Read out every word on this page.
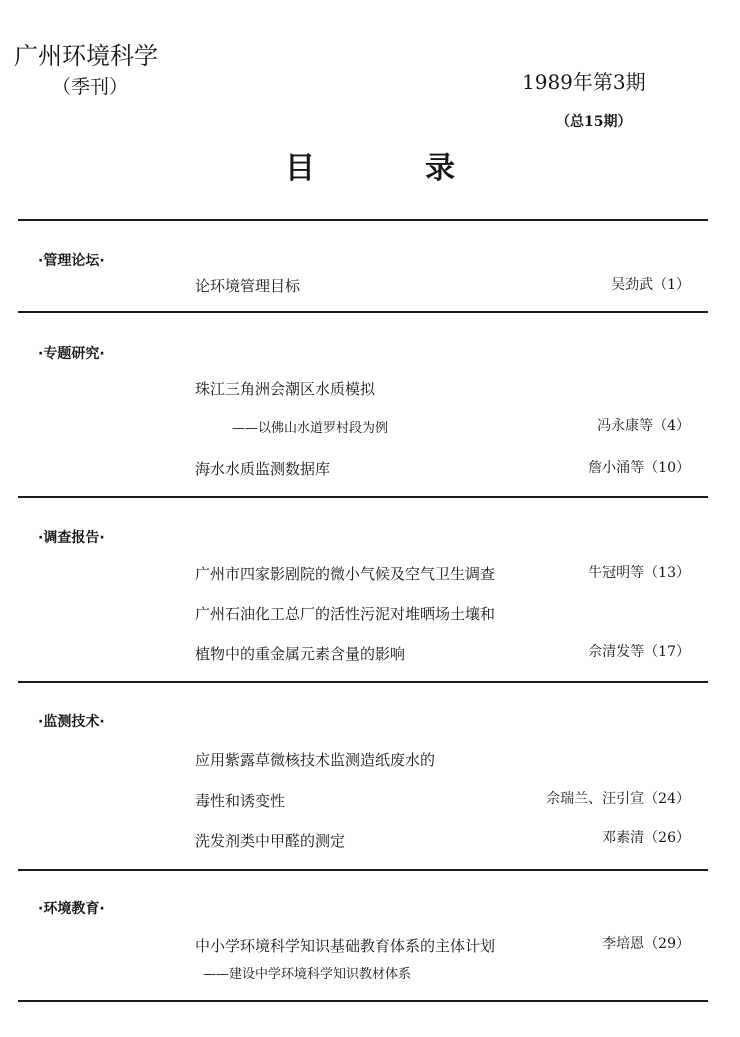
广州环境科学
（季刊）	1989年第3期
（总15期）
目	录
·管理论坛·
论环境管理目标	吴劲武（1）
·专题研究·
珠江三角洲会潮区水质模拟
——以佛山水道罗村段为例	冯永康等（4）
海水水质监测数据库	詹小涌等（10）
·调查报告·
广州市四家影剧院的微小气候及空气卫生调查	牛冠明等（13）
广州石油化工总厂的活性污泥对堆晒场土壤和
植物中的重金属元素含量的影响	佘清发等（17）
·监测技术·
应用紫露草微核技术监测造纸废水的
毒性和诱变性	佘瑞兰、汪引宣（24）
洗发剂类中甲醛的测定	邓素清（26）
·环境教育·
中小学环境科学知识基础教育体系的主体计划	李培恩（29）
——建设中学环境科学知识教材体系
